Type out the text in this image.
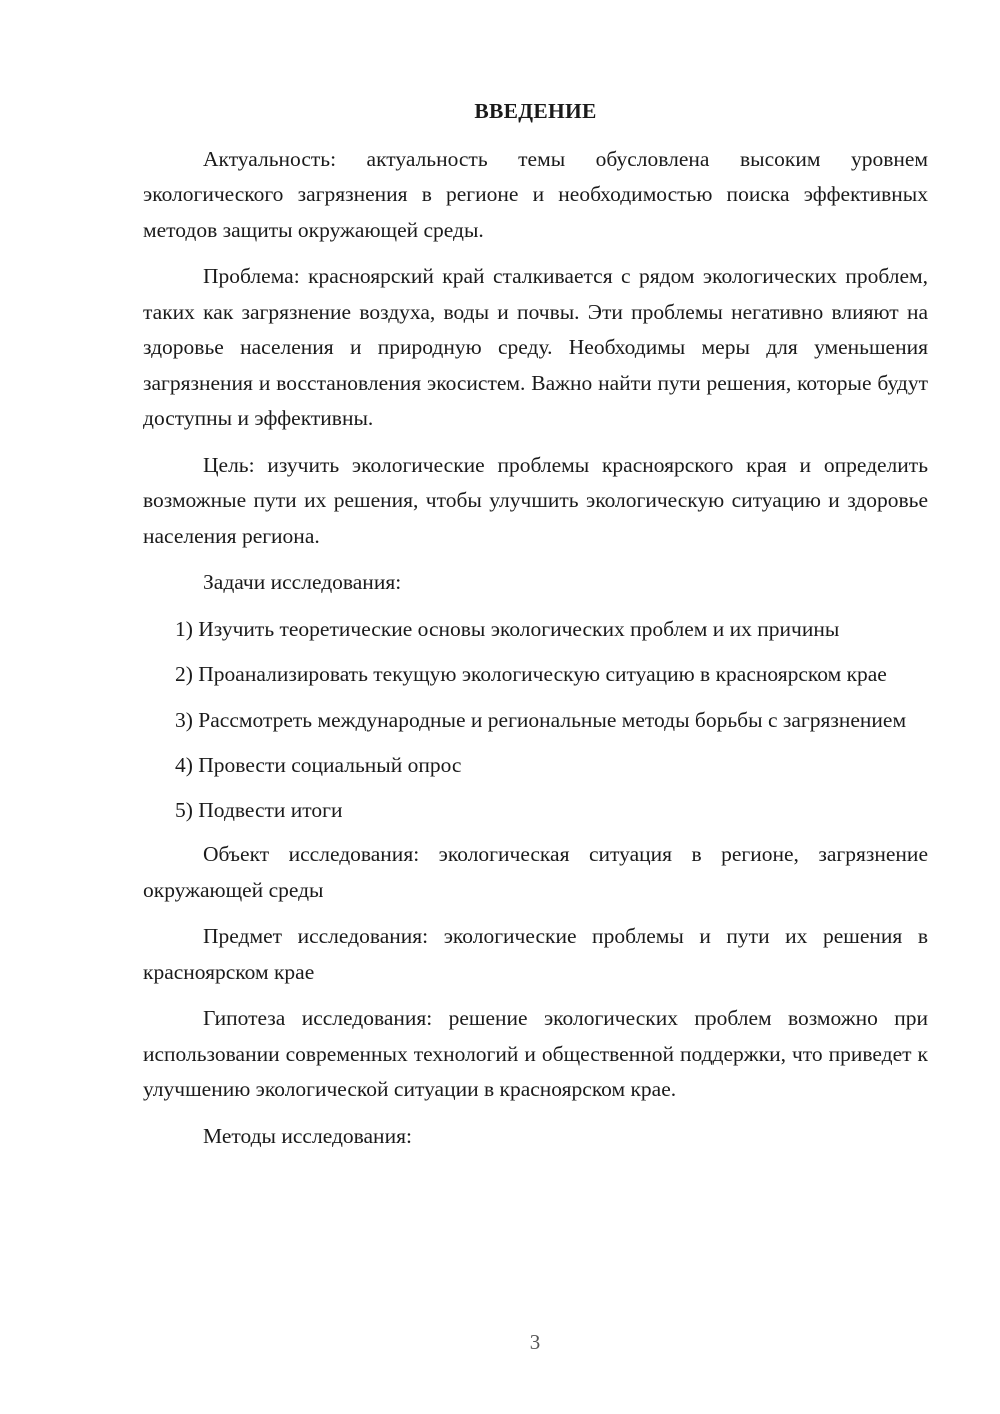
ВВЕДЕНИЕ

Актуальность: актуальность темы обусловлена высоким уровнем экологического загрязнения в регионе и необходимостью поиска эффективных методов защиты окружающей среды.

Проблема: красноярский край сталкивается с рядом экологических проблем, таких как загрязнение воздуха, воды и почвы. Эти проблемы негативно влияют на здоровье населения и природную среду. Необходимы меры для уменьшения загрязнения и восстановления экосистем. Важно найти пути решения, которые будут доступны и эффективны.

Цель: изучить экологические проблемы красноярского края и определить возможные пути их решения, чтобы улучшить экологическую ситуацию и здоровье населения региона.

Задачи исследования:

1) Изучить теоретические основы экологических проблем и их причины

2) Проанализировать текущую экологическую ситуацию в красноярском крае

3) Рассмотреть международные и региональные методы борьбы с загрязнением

4) Провести социальный опрос

5) Подвести итоги

Объект исследования: экологическая ситуация в регионе, загрязнение окружающей среды

Предмет исследования: экологические проблемы и пути их решения в красноярском крае

Гипотеза исследования: решение экологических проблем возможно при использовании современных технологий и общественной поддержки, что приведет к улучшению экологической ситуации в красноярском крае.

Методы исследования:

3
